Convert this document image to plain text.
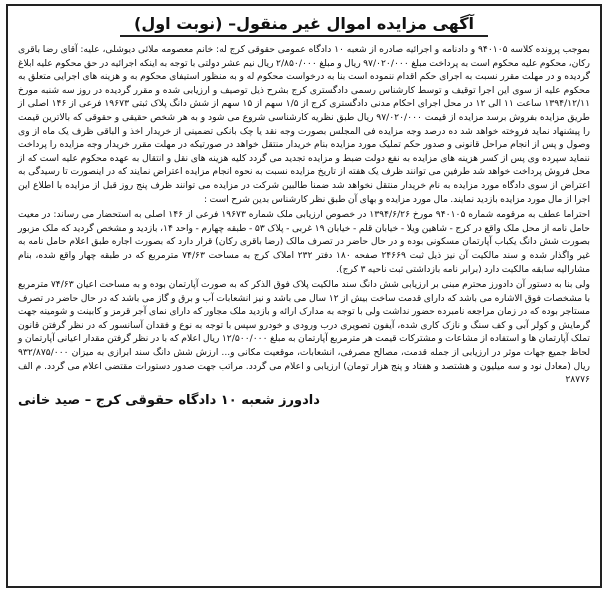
آگهی مزایده اموال غیر منقول– (نوبت اول)

بموجب پرونده کلاسه ۹۴۰۱۰۵ و دادنامه و اجرائیه صادره از شعبه ۱۰ دادگاه عمومی حقوقی کرج له: خانم معصومه ملائی دیوشلی، علیه: آقای رضا باقری رکان، محکوم علیه محکوم است به پرداخت مبلغ ۹۷/۰۲۰/۰۰۰ ریال و مبلغ ۲/۸۵۰/۰۰۰ ریال نیم عشر دولتی با توجه به اینکه اجرائیه در حق محکوم علیه ابلاغ گردیده و در مهلت مقرر نسبت به اجرای حکم اقدام ننموده است بنا به درخواست محکوم له و به منظور استیفای محکوم به و هزینه های اجرایی متعلق به محکوم علیه از سوی این اجرا توقیف و توسط کارشناس رسمی دادگستری کرج بشرح ذیل توصیف و ارزیابی شده و مقرر گردیده در روز سه شنبه مورخ ۱۳۹۴/۱۲/۱۱ ساعت ۱۱ الی ۱۲ در محل اجرای احکام مدنی دادگستری کرج از ۱/۵ سهم از ۱۵ سهم از شش دانگ پلاک ثبتی ۱۹۶۷۳ فرعی از ۱۴۶ اصلی از طریق مزایده بفروش برسد مزایده از قیمت ۹۷/۰۲۰/۰۰۰ ریال طبق نظریه کارشناسی شروع می شود و به هر شخص حقیقی و حقوقی که بالاترین قیمت را پیشنهاد نماید فروخته خواهد شد ده درصد وجه مزایده فی المجلس بصورت وجه نقد یا چک بانکی تضمینی از خریدار اخذ و الباقی ظرف یک ماه از وی وصول و پس از انجام مراحل قانونی و صدور حکم تملیک مورد مزایده بنام خریدار منتقل خواهد در صورتیکه در مهلت مقرر خریدار وجه مزایده را پرداخت ننماید سپرده وی پس از کسر هزینه های مزایده به نفع دولت ضبط و مزایده تجدید می گردد کلیه هزینه های نقل و انتقال به عهده محکوم علیه است که از محل فروش پرداخت خواهد شد طرفین می توانند ظرف یک هفته از تاریخ مزایده نسبت به نحوه انجام مزایده اعتراض نمایند که در اینصورت تا رسیدگی به اعتراض از سوی دادگاه مورد مزایده به نام خریدار منتقل نخواهد شد ضمنا طالبین شرکت در مزایده می توانند ظرف پنج روز قبل از مزایده با اطلاع این اجرا از مال مورد مزایده بازدید نمایند. مال مورد مزایده و بهای آن طبق نظر کارشناس بدین شرح است :

احتراما عطف به مرقومه شماره ۹۴۰۱۰۵ مورخ ۱۳۹۴/۶/۲۶ در خصوص ارزیابی ملک شماره ۱۹۶۷۳ فرعی از ۱۴۶ اصلی به استحضار می رساند: در معیت حامل نامه از محل ملک واقع در کرج - شاهین ویلا - خیابان قلم - خیابان ۱۹ غربی - پلاک ۵۳ - طبقه چهارم - واحد ۱۴، بازدید و مشخص گردید که ملک مزبور بصورت شش دانگ یکباب آپارتمان مسکونی بوده و در حال حاضر در تصرف مالک (رضا باقری رکان) قرار دارد که بصورت اجاره طبق اعلام حامل نامه به غیر واگذار شده و سند مالکیت آن نیز ذیل ثبت ۲۴۶۶۹ صفحه ۱۸۰ دفتر ۲۳۲ املاک کرج به مساحت ۷۴/۶۳ مترمربع که در طبقه چهار واقع شده، بنام مشارالیه سابقه مالکیت دارد (برابر نامه بازداشتی ثبت ناحیه ۳ کرج).

ولی بنا به دستور آن دادورز محترم مبنی بر ارزیابی شش دانگ سند مالکیت پلاک فوق الذکر که به صورت آپارتمان بوده و به مساحت اعیان ۷۴/۶۳ مترمربع با مشخصات فوق الاشاره می باشد که دارای قدمت ساخت بیش از ۱۲ سال می باشد و نیز انشعابات آب و برق و گاز می باشد که در حال حاضر در تصرف مستاجر بوده که در زمان مراجعه نامبرده حضور نداشت ولی با توجه به مدارک ارائه و بازدید ملک مجاور که دارای نمای آجر قرمز و کابینت و شومینه جهت گرمایش و کولر آبی و کف سنگ و نازک کاری شده، آیفون تصویری درب ورودی و خودرو سپس با توجه به نوع و فقدان آسانسور که در نظر گرفتن قانون تملک آپارتمان ها و استفاده از مشاعات و مشترکات قیمت هر مترمربع آپارتمان به مبلغ ۱۲/۵۰۰/۰۰۰ ریال اعلام که با در نظر گرفتن مقدار اعیانی آپارتمان و لحاظ جمیع جهات موثر در ارزیابی از جمله قدمت، مصالح مصرفی، انشعابات، موقعیت مکانی و... ارزش شش دانگ سند ابرازی به میزان ۹۳۲/۸۷۵/۰۰۰ ریال (معادل نود و سه میلیون و هشتصد و هفتاد و پنج هزار تومان) ارزیابی و اعلام می گردد. مراتب جهت صدور دستورات مقتضی اعلام می گردد. م الف ۲۸۷۷۶

دادورز شعبه ۱۰ دادگاه حقوقی کرج – صید خانی
